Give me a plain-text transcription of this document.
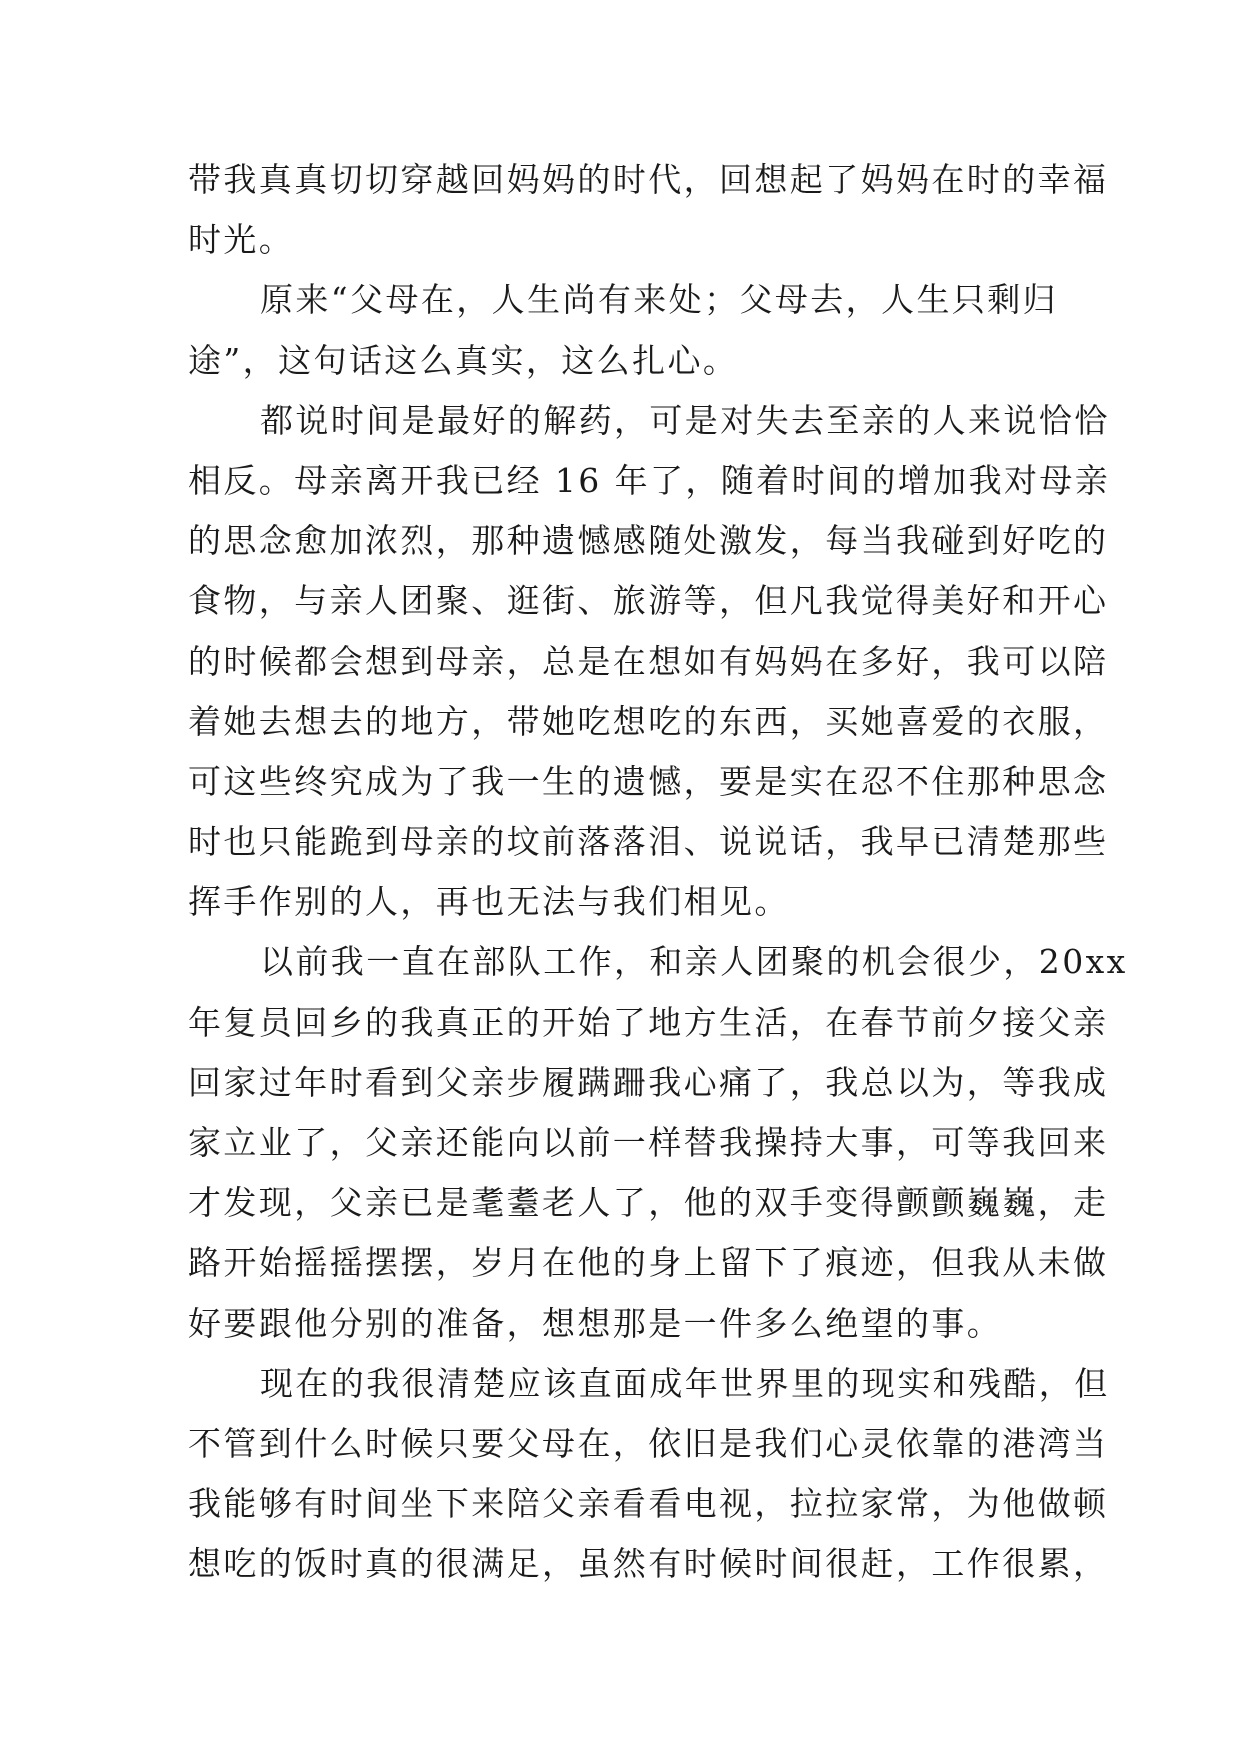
带我真真切切穿越回妈妈的时代，回想起了妈妈在时的幸福
时光。
原来“父母在，人生尚有来处；父母去，人生只剩归
途”，这句话这么真实，这么扎心。
都说时间是最好的解药，可是对失去至亲的人来说恰恰
相反。母亲离开我已经 16 年了，随着时间的增加我对母亲
的思念愈加浓烈，那种遗憾感随处激发，每当我碰到好吃的
食物，与亲人团聚、逛街、旅游等，但凡我觉得美好和开心
的时候都会想到母亲，总是在想如有妈妈在多好，我可以陪
着她去想去的地方，带她吃想吃的东西，买她喜爱的衣服，
可这些终究成为了我一生的遗憾，要是实在忍不住那种思念
时也只能跪到母亲的坟前落落泪、说说话，我早已清楚那些
挥手作别的人，再也无法与我们相见。
以前我一直在部队工作，和亲人团聚的机会很少，20xx
年复员回乡的我真正的开始了地方生活，在春节前夕接父亲
回家过年时看到父亲步履蹒跚我心痛了，我总以为，等我成
家立业了，父亲还能向以前一样替我操持大事，可等我回来
才发现，父亲已是耄耋老人了，他的双手变得颤颤巍巍，走
路开始摇摇摆摆，岁月在他的身上留下了痕迹，但我从未做
好要跟他分别的准备，想想那是一件多么绝望的事。
现在的我很清楚应该直面成年世界里的现实和残酷，但
不管到什么时候只要父母在，依旧是我们心灵依靠的港湾当
我能够有时间坐下来陪父亲看看电视，拉拉家常，为他做顿
想吃的饭时真的很满足，虽然有时候时间很赶，工作很累，
